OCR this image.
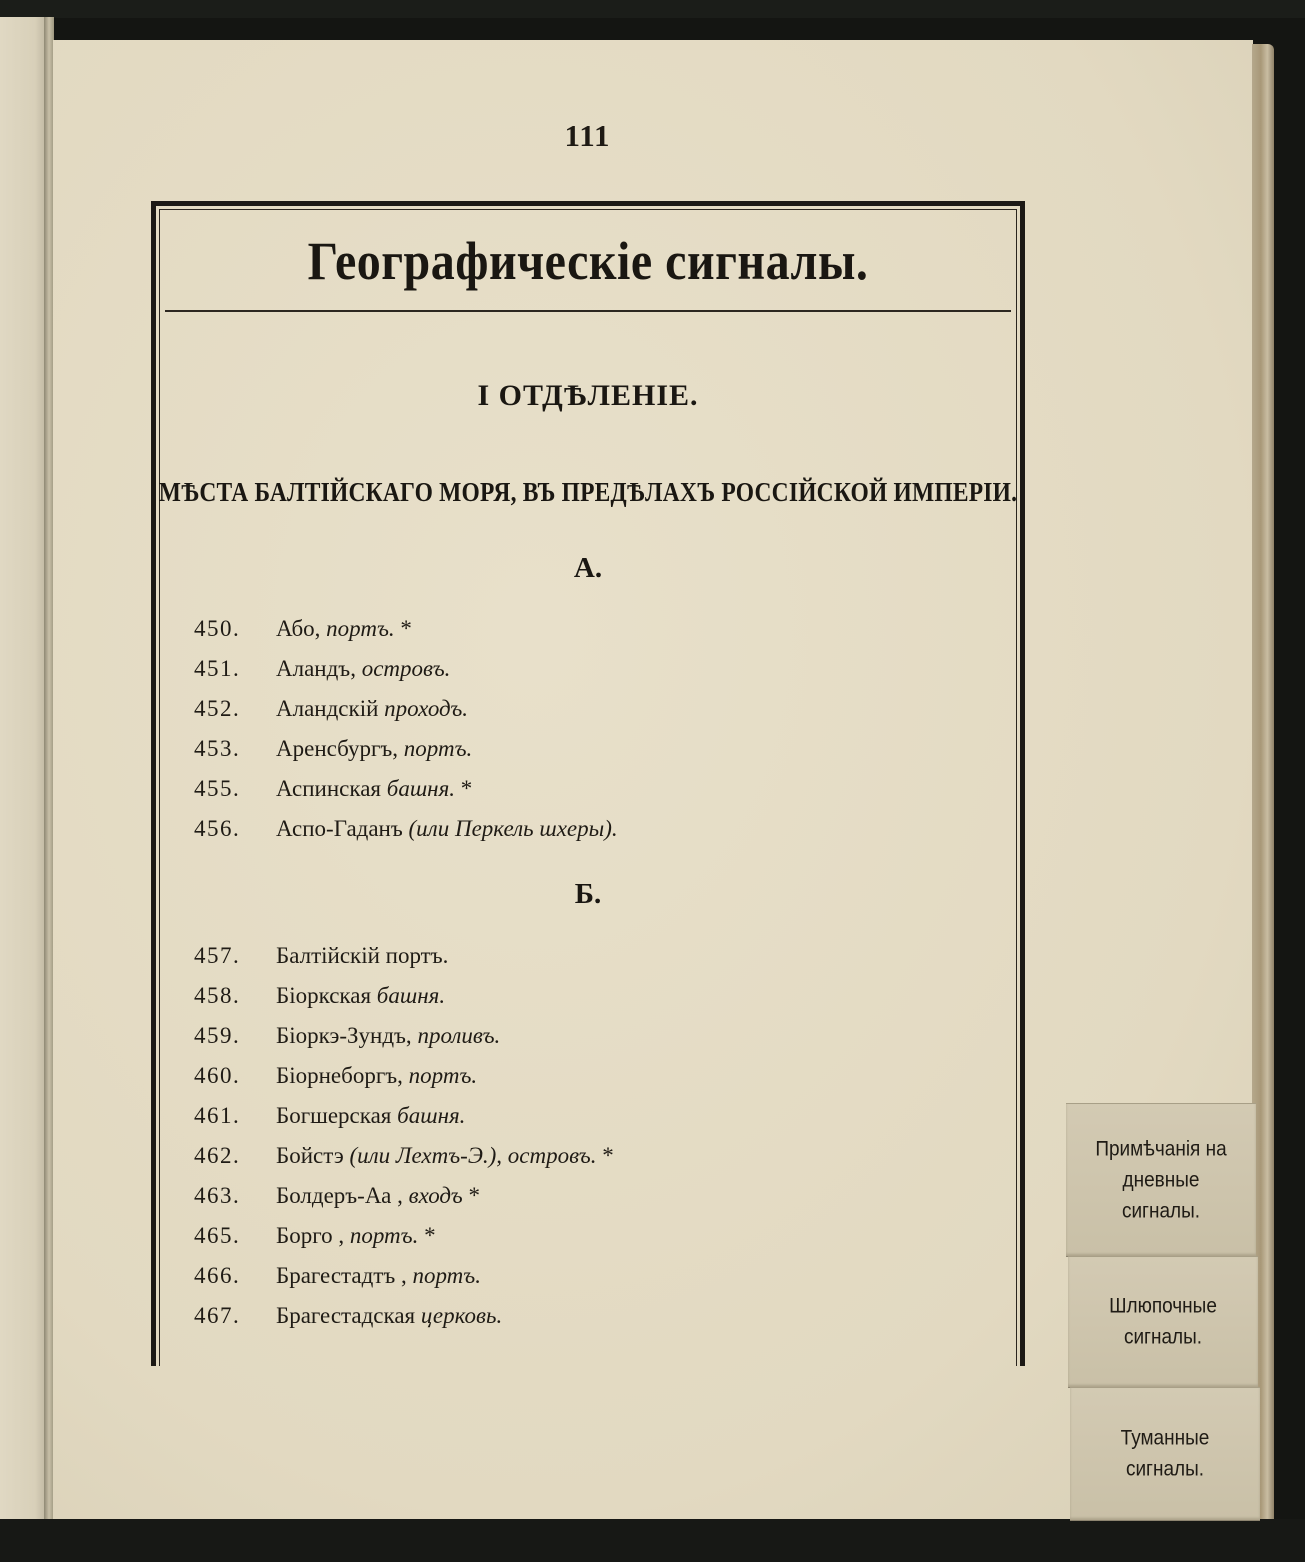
111
Географическіе сигналы.
I ОТДѢЛЕНІЕ.
МѢСТА БАЛТІЙСКАГО МОРЯ, ВЪ ПРЕДѢЛАХЪ РОССІЙСКОЙ ИМПЕРІИ.
А.
450. Або, портъ. *
451. Аландъ, островъ.
452. Аландскій проходъ.
453. Аренсбургъ, портъ.
455. Аспинская башня. *
456. Аспо-Гаданъ (или Перкель шхеры).
Б.
457. Балтійскій портъ.
458. Біоркская башня.
459. Біоркэ-Зундъ, проливъ.
460. Біорнеборгъ, портъ.
461. Богшерская башня.
462. Бойстэ (или Лехтъ-Э.), островъ. *
463. Болдеръ-Аа , входъ *
465. Борго , портъ. *
466. Брагестадтъ , портъ.
467. Брагестадская церковь.
Примѣчанія на
дневные
сигналы.
Шлюпочные
сигналы.
Туманные
сигналы.
